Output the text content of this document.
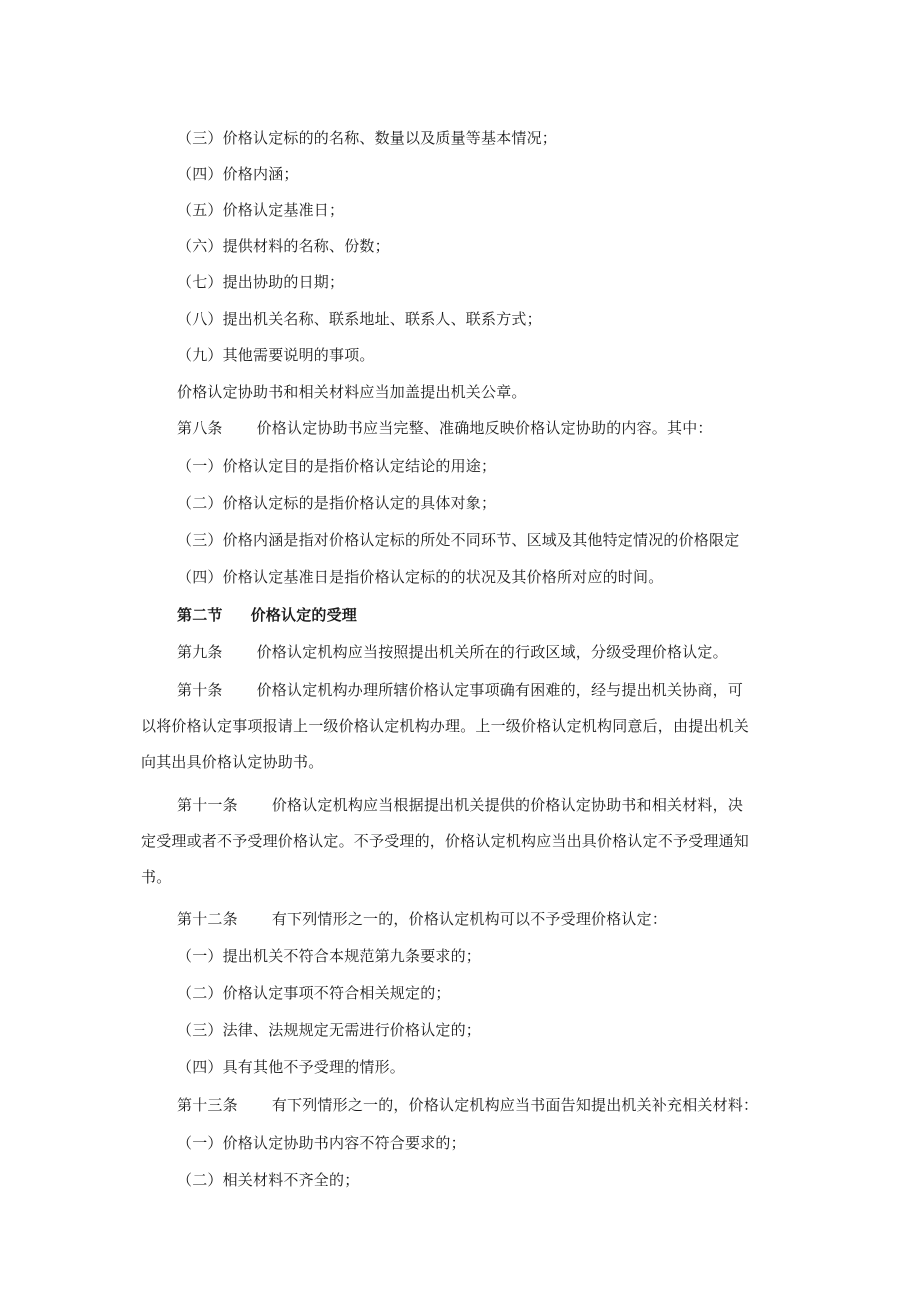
（三）价格认定标的的名称、数量以及质量等基本情况；
（四）价格内涵；
（五）价格认定基准日；
（六）提供材料的名称、份数；
（七）提出协助的日期；
（八）提出机关名称、联系地址、联系人、联系方式；
（九）其他需要说明的事项。
价格认定协助书和相关材料应当加盖提出机关公章。
第八条 价格认定协助书应当完整、准确地反映价格认定协助的内容。其中：
（一）价格认定目的是指价格认定结论的用途；
（二）价格认定标的是指价格认定的具体对象；
（三）价格内涵是指对价格认定标的所处不同环节、区域及其他特定情况的价格限定
（四）价格认定基准日是指价格认定标的的状况及其价格所对应的时间。
第二节 价格认定的受理
第九条 价格认定机构应当按照提出机关所在的行政区域，分级受理价格认定。
第十条 价格认定机构办理所辖价格认定事项确有困难的，经与提出机关协商，可
以将价格认定事项报请上一级价格认定机构办理。上一级价格认定机构同意后，由提出机关
向其出具价格认定协助书。
第十一条 价格认定机构应当根据提出机关提供的价格认定协助书和相关材料，决
定受理或者不予受理价格认定。不予受理的，价格认定机构应当出具价格认定不予受理通知
书。
第十二条 有下列情形之一的，价格认定机构可以不予受理价格认定：
（一）提出机关不符合本规范第九条要求的；
（二）价格认定事项不符合相关规定的；
（三）法律、法规规定无需进行价格认定的；
（四）具有其他不予受理的情形。
第十三条 有下列情形之一的，价格认定机构应当书面告知提出机关补充相关材料：
（一）价格认定协助书内容不符合要求的；
（二）相关材料不齐全的；
